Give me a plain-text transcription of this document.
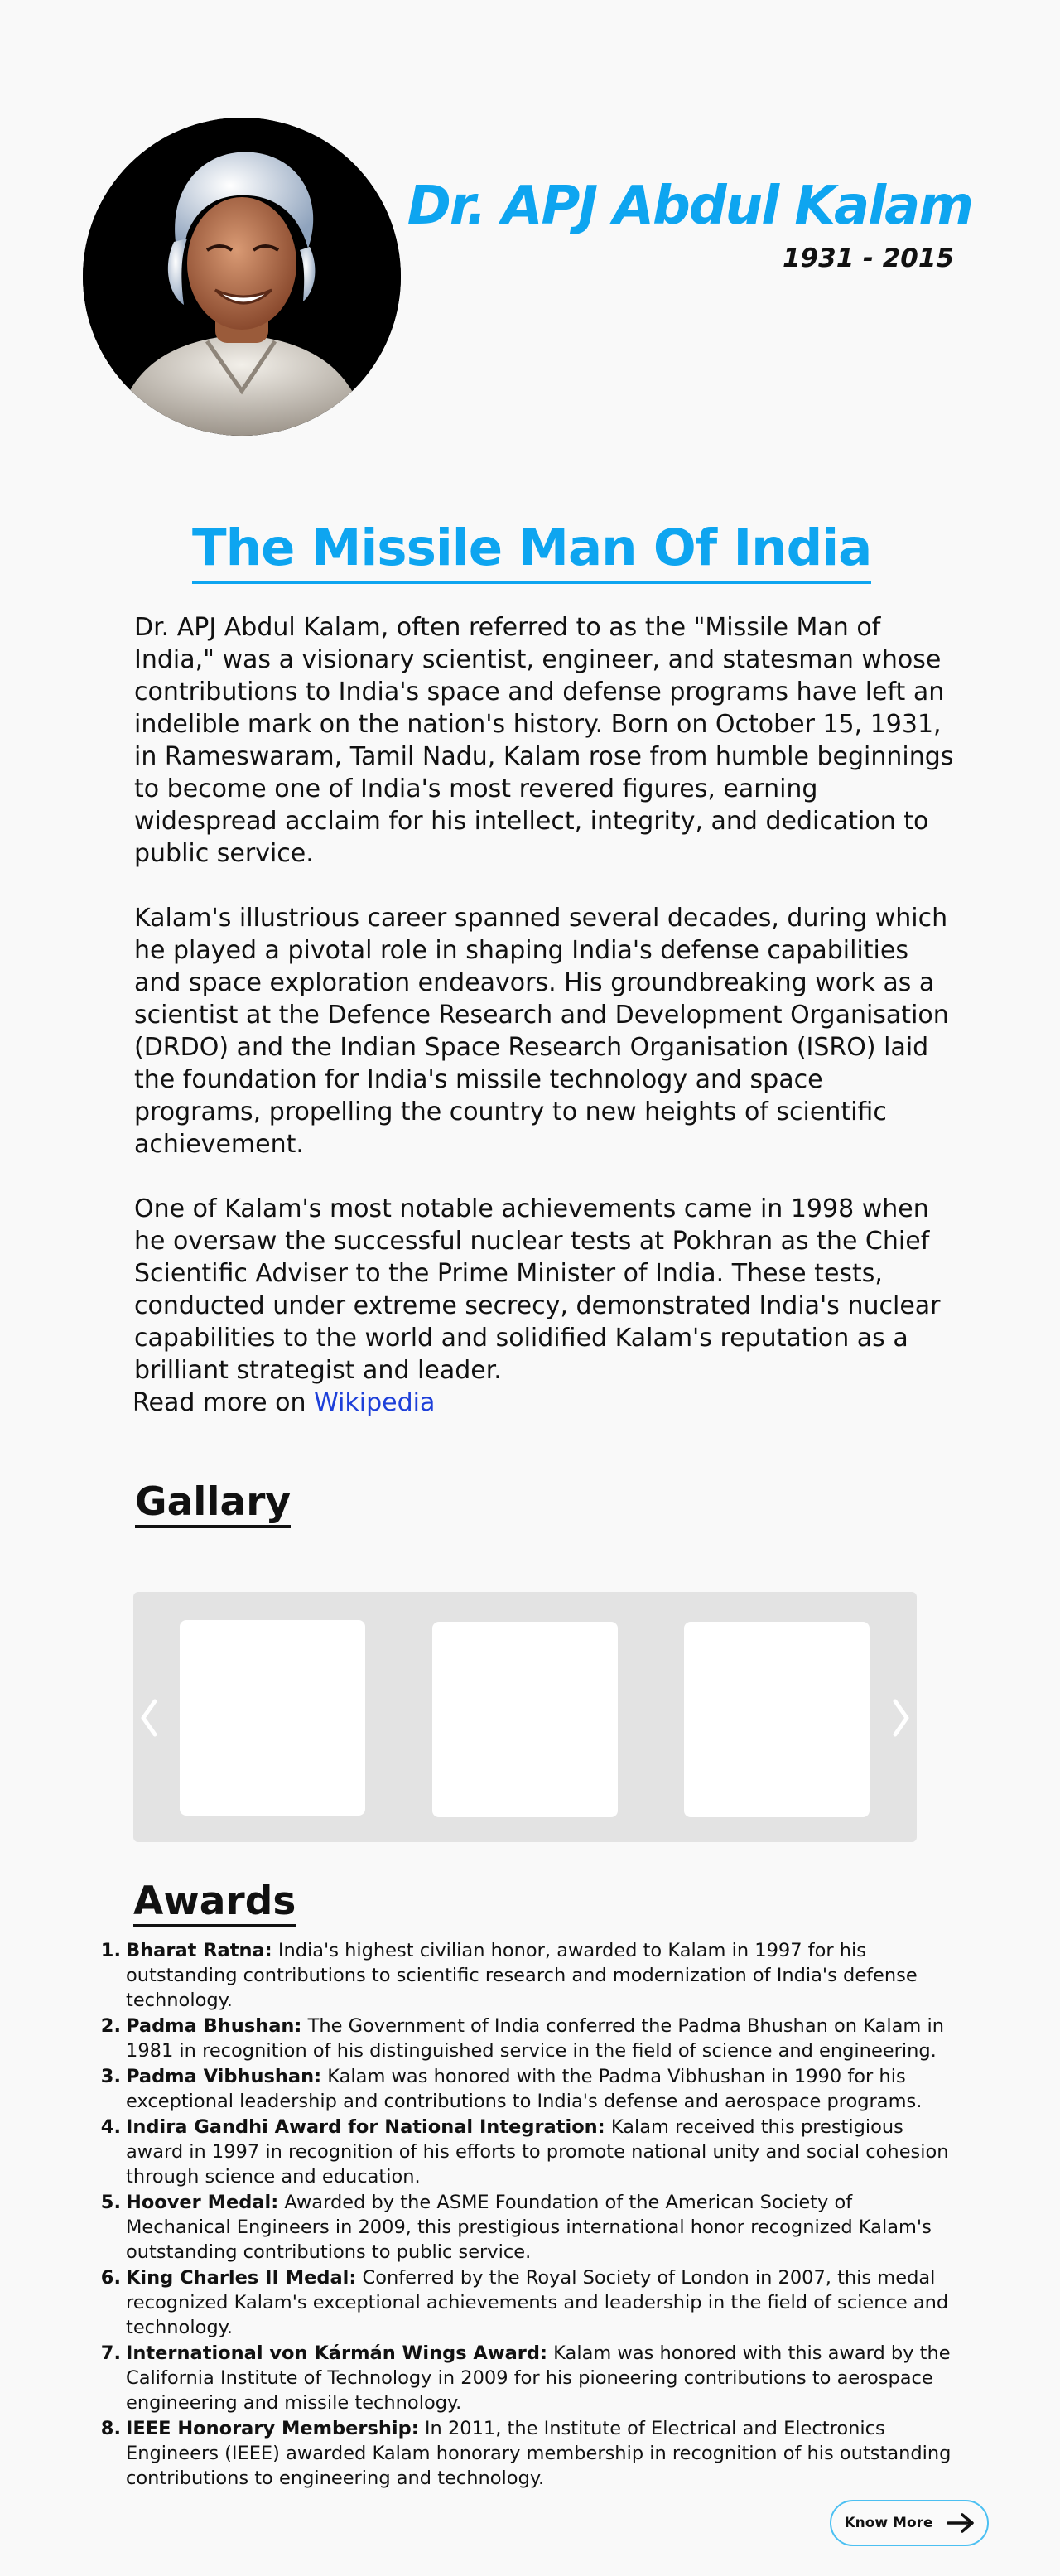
Dr. APJ Abdul Kalam

1931 - 2015

The Missile Man Of India

Dr. APJ Abdul Kalam, often referred to as the "Missile Man of India," was a visionary scientist, engineer, and statesman whose contributions to India's space and defense programs have left an indelible mark on the nation's history. Born on October 15, 1931, in Rameswaram, Tamil Nadu, Kalam rose from humble beginnings to become one of India's most revered figures, earning widespread acclaim for his intellect, integrity, and dedication to public service.

Kalam's illustrious career spanned several decades, during which he played a pivotal role in shaping India's defense capabilities and space exploration endeavors. His groundbreaking work as a scientist at the Defence Research and Development Organisation (DRDO) and the Indian Space Research Organisation (ISRO) laid the foundation for India's missile technology and space programs, propelling the country to new heights of scientific achievement.

One of Kalam's most notable achievements came in 1998 when he oversaw the successful nuclear tests at Pokhran as the Chief Scientific Adviser to the Prime Minister of India. These tests, conducted under extreme secrecy, demonstrated India's nuclear capabilities to the world and solidified Kalam's reputation as a brilliant strategist and leader.

Read more on Wikipedia
Gallary
Awards
Bharat Ratna: India's highest civilian honor, awarded to Kalam in 1997 for his outstanding contributions to scientific research and modernization of India's defense technology.
Padma Bhushan: The Government of India conferred the Padma Bhushan on Kalam in 1981 in recognition of his distinguished service in the field of science and engineering.
Padma Vibhushan: Kalam was honored with the Padma Vibhushan in 1990 for his exceptional leadership and contributions to India's defense and aerospace programs.
Indira Gandhi Award for National Integration: Kalam received this prestigious award in 1997 in recognition of his efforts to promote national unity and social cohesion through science and education.
Hoover Medal: Awarded by the ASME Foundation of the American Society of Mechanical Engineers in 2009, this prestigious international honor recognized Kalam's outstanding contributions to public service.
King Charles II Medal: Conferred by the Royal Society of London in 2007, this medal recognized Kalam's exceptional achievements and leadership in the field of science and technology.
International von Kármán Wings Award: Kalam was honored with this award by the California Institute of Technology in 2009 for his pioneering contributions to aerospace engineering and missile technology.
IEEE Honorary Membership: In 2011, the Institute of Electrical and Electronics Engineers (IEEE) awarded Kalam honorary membership in recognition of his outstanding contributions to engineering and technology.
Know More
